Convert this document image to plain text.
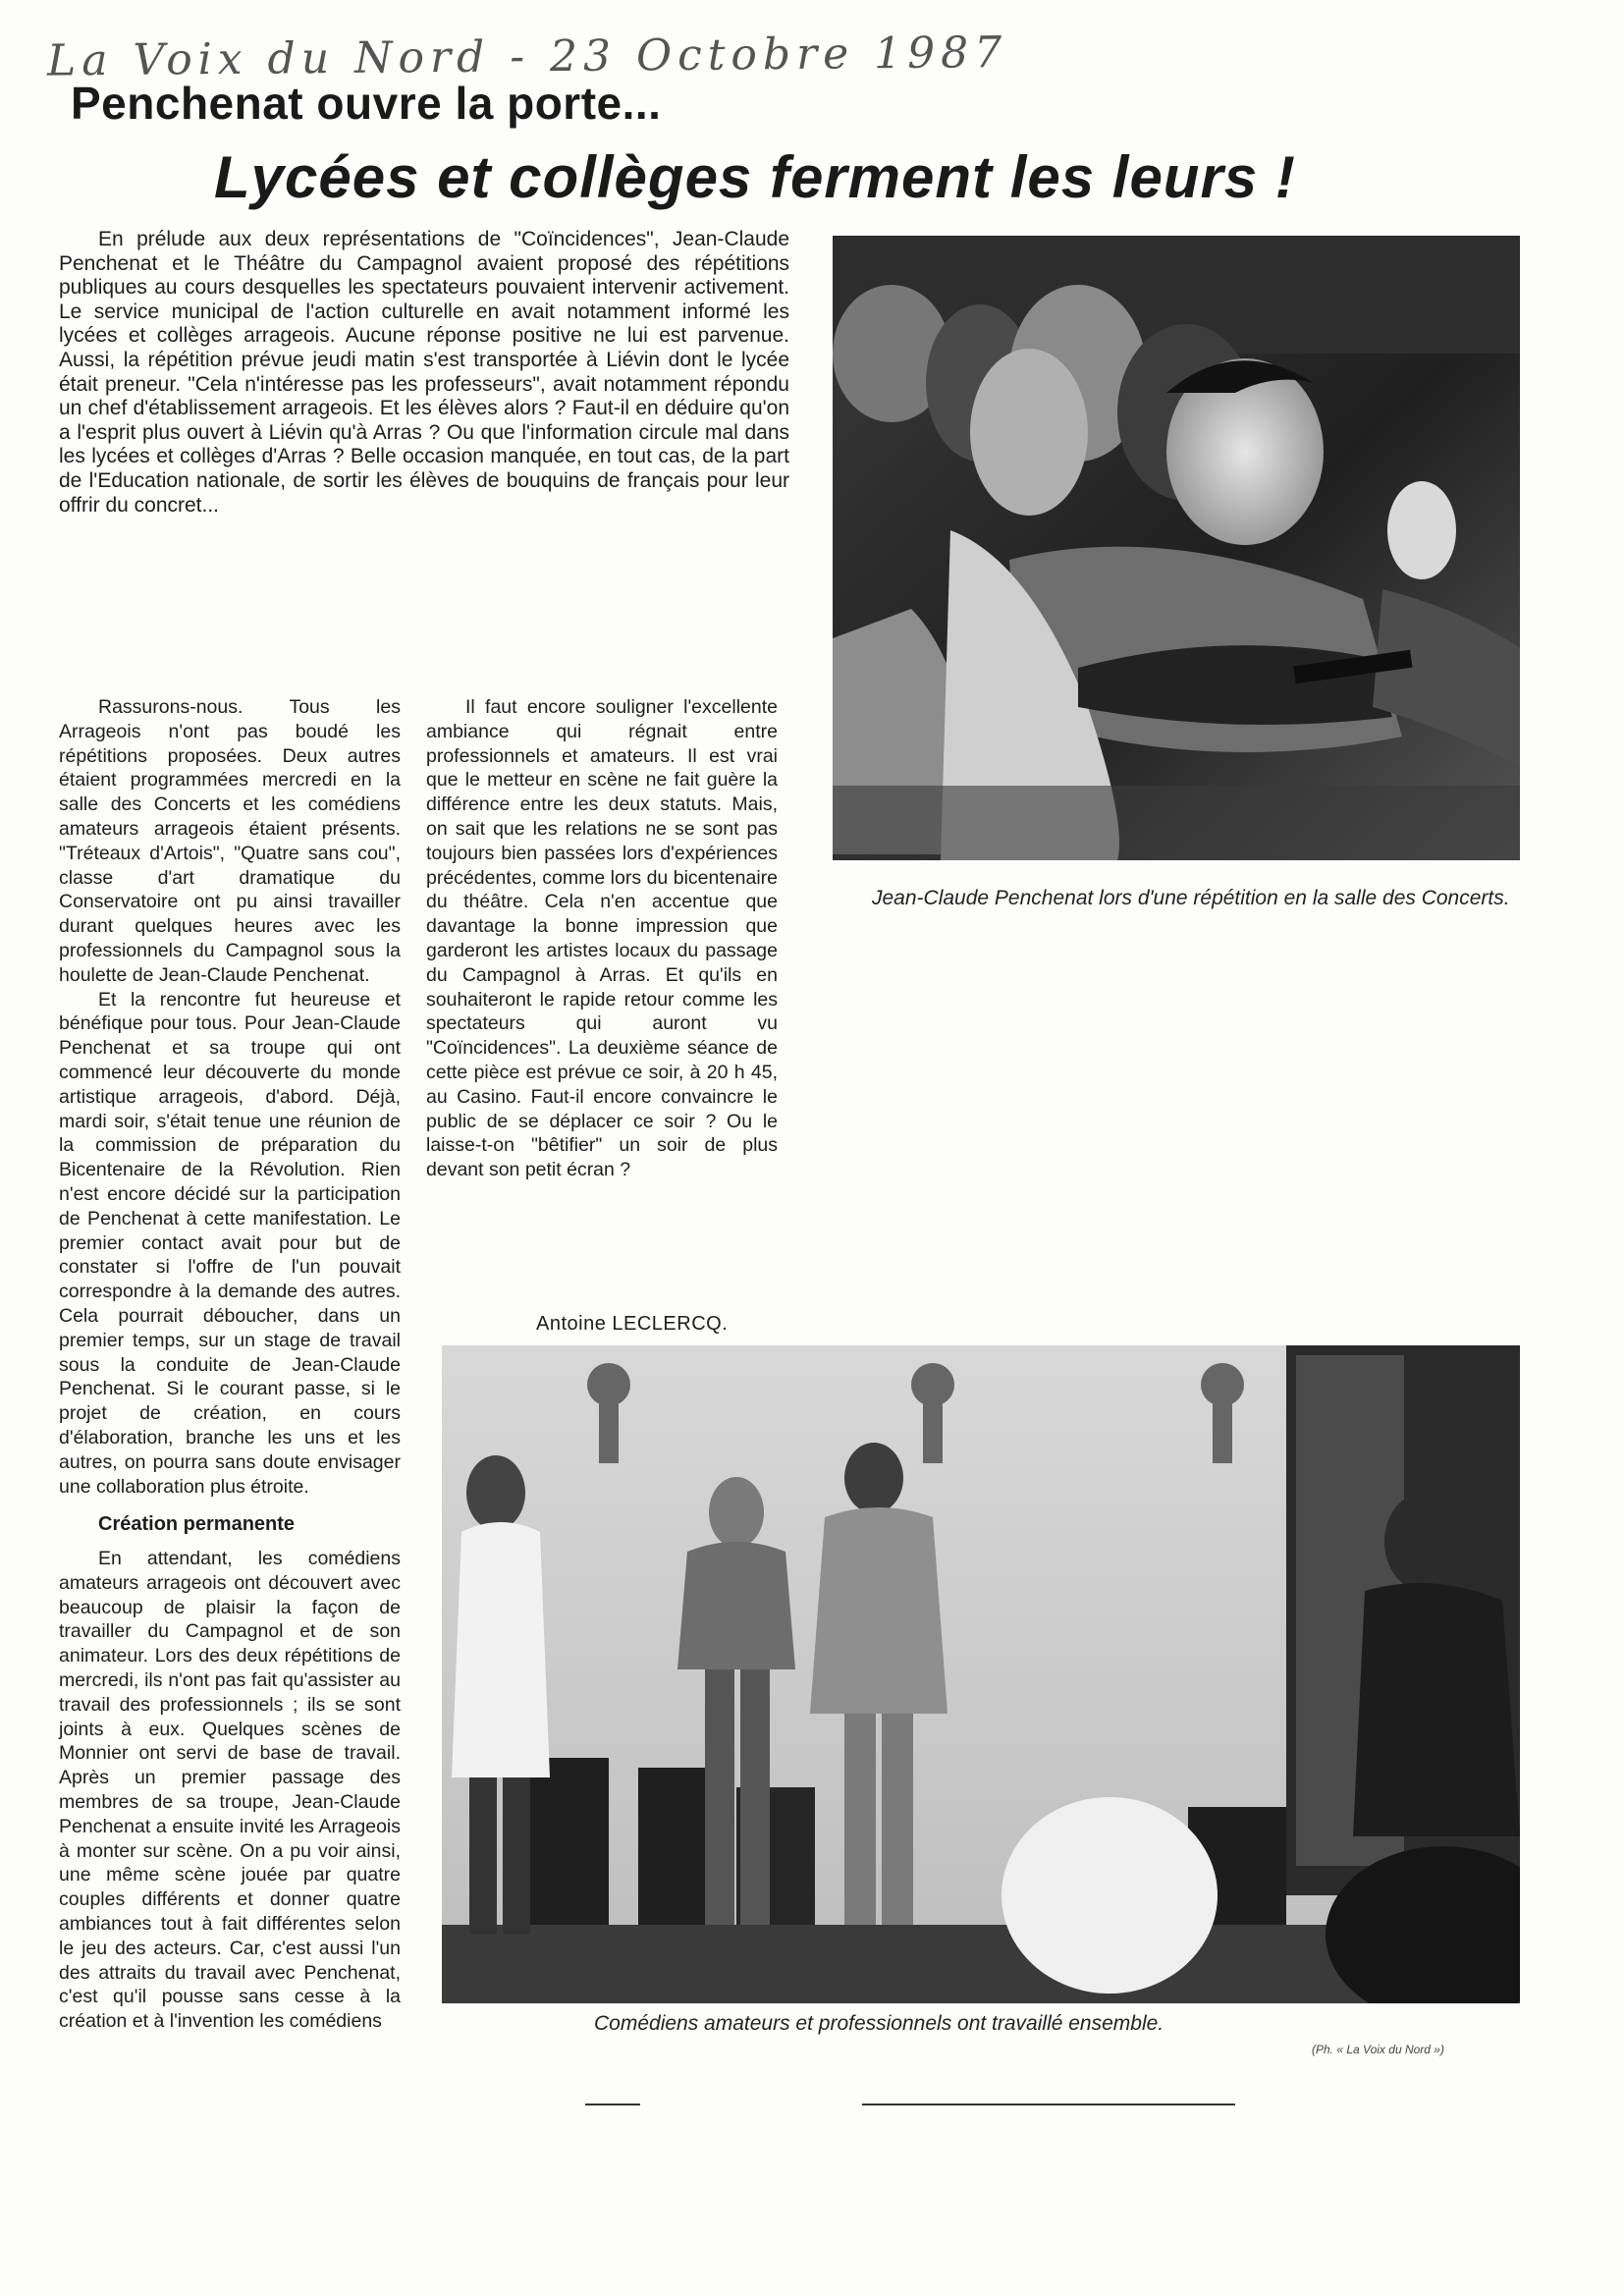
La Voix du Nord - 23 Octobre 1987
Penchenat ouvre la porte...
Lycées et collèges ferment les leurs !

En prélude aux deux représentations de "Coïncidences", Jean-Claude Penchenat et le Théâtre du Campagnol avaient proposé des répétitions publiques au cours desquelles les spectateurs pouvaient intervenir activement. Le service municipal de l'action culturelle en avait notamment informé les lycées et collèges arrageois. Aucune réponse positive ne lui est parvenue. Aussi, la répétition prévue jeudi matin s'est transportée à Liévin dont le lycée était preneur. "Cela n'intéresse pas les professeurs", avait notamment répondu un chef d'établissement arrageois. Et les élèves alors ? Faut-il en déduire qu'on a l'esprit plus ouvert à Liévin qu'à Arras ? Ou que l'information circule mal dans les lycées et collèges d'Arras ? Belle occasion manquée, en tout cas, de la part de l'Education nationale, de sortir les élèves de bouquins de français pour leur offrir du concret...

Jean-Claude Penchenat lors d'une répétition en la salle des Concerts.

Rassurons-nous. Tous les Arrageois n'ont pas boudé les répétitions proposées. Deux autres étaient programmées mercredi en la salle des Concerts et les comédiens amateurs arrageois étaient présents. "Tréteaux d'Artois", "Quatre sans cou", classe d'art dramatique du Conservatoire ont pu ainsi travailler durant quelques heures avec les professionnels du Campagnol sous la houlette de Jean-Claude Penchenat.

Et la rencontre fut heureuse et bénéfique pour tous. Pour Jean-Claude Penchenat et sa troupe qui ont commencé leur découverte du monde artistique arrageois, d'abord. Déjà, mardi soir, s'était tenue une réunion de la commission de préparation du Bicentenaire de la Révolution. Rien n'est encore décidé sur la participation de Penchenat à cette manifestation. Le premier contact avait pour but de constater si l'offre de l'un pouvait correspondre à la demande des autres. Cela pourrait déboucher, dans un premier temps, sur un stage de travail sous la conduite de Jean-Claude Penchenat. Si le courant passe, si le projet de création, en cours d'élaboration, branche les uns et les autres, on pourra sans doute envisager une collaboration plus étroite.

Création permanente

En attendant, les comédiens amateurs arrageois ont découvert avec beaucoup de plaisir la façon de travailler du Campagnol et de son animateur. Lors des deux répétitions de mercredi, ils n'ont pas fait qu'assister au travail des professionnels ; ils se sont joints à eux. Quelques scènes de Monnier ont servi de base de travail. Après un premier passage des membres de sa troupe, Jean-Claude Penchenat a ensuite invité les Arrageois à monter sur scène. On a pu voir ainsi, une même scène jouée par quatre couples différents et donner quatre ambiances tout à fait différentes selon le jeu des acteurs. Car, c'est aussi l'un des attraits du travail avec Penchenat, c'est qu'il pousse sans cesse à la création et à l'invention les comédiens

Il faut encore souligner l'excellente ambiance qui régnait entre professionnels et amateurs. Il est vrai que le metteur en scène ne fait guère la différence entre les deux statuts. Mais, on sait que les relations ne se sont pas toujours bien passées lors d'expériences précédentes, comme lors du bicentenaire du théâtre. Cela n'en accentue que davantage la bonne impression que garderont les artistes locaux du passage du Campagnol à Arras. Et qu'ils en souhaiteront le rapide retour comme les spectateurs qui auront vu "Coïncidences". La deuxième séance de cette pièce est prévue ce soir, à 20 h 45, au Casino. Faut-il encore convaincre le public de se déplacer ce soir ? Ou le laisse-t-on "bêtifier" un soir de plus devant son petit écran ?

Antoine LECLERCQ.
Comédiens amateurs et professionnels ont travaillé ensemble.
(Ph. « La Voix du Nord »)
